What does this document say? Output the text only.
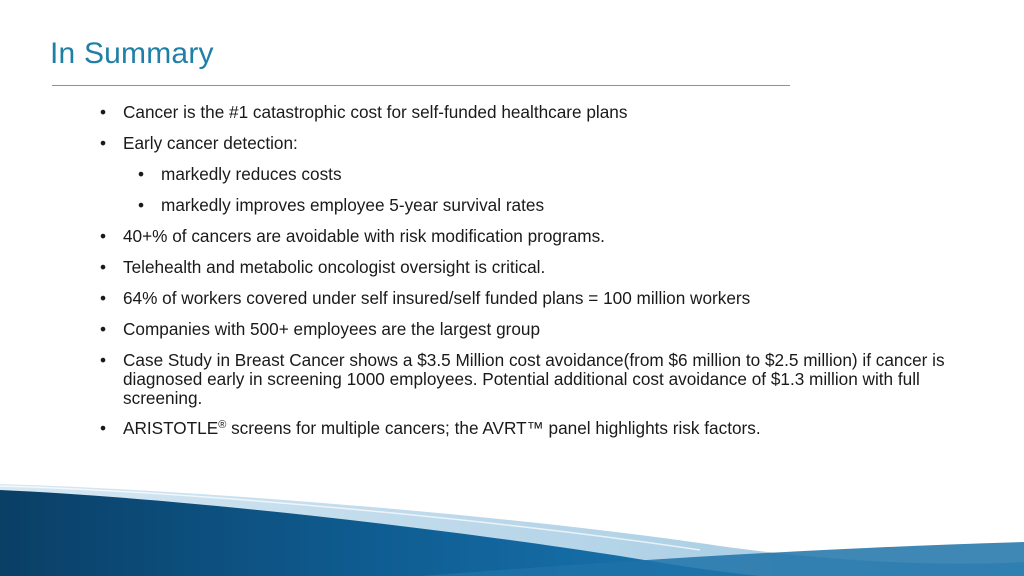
In Summary
• Cancer is the #1 catastrophic cost for self-funded healthcare plans
• Early cancer detection:
• markedly reduces costs
• markedly improves employee 5-year survival rates
• 40+% of cancers are avoidable with risk modification programs.
• Telehealth and metabolic oncologist oversight is critical.
• 64% of workers covered under self insured/self funded plans = 100 million workers
• Companies with 500+ employees are the largest group
• Case Study in Breast Cancer shows a $3.5 Million cost avoidance(from $6 million to $2.5 million) if cancer is diagnosed early in screening 1000 employees. Potential additional cost avoidance of $1.3 million with full screening.
• ARISTOTLE® screens for multiple cancers; the AVRT™ panel highlights risk factors.
